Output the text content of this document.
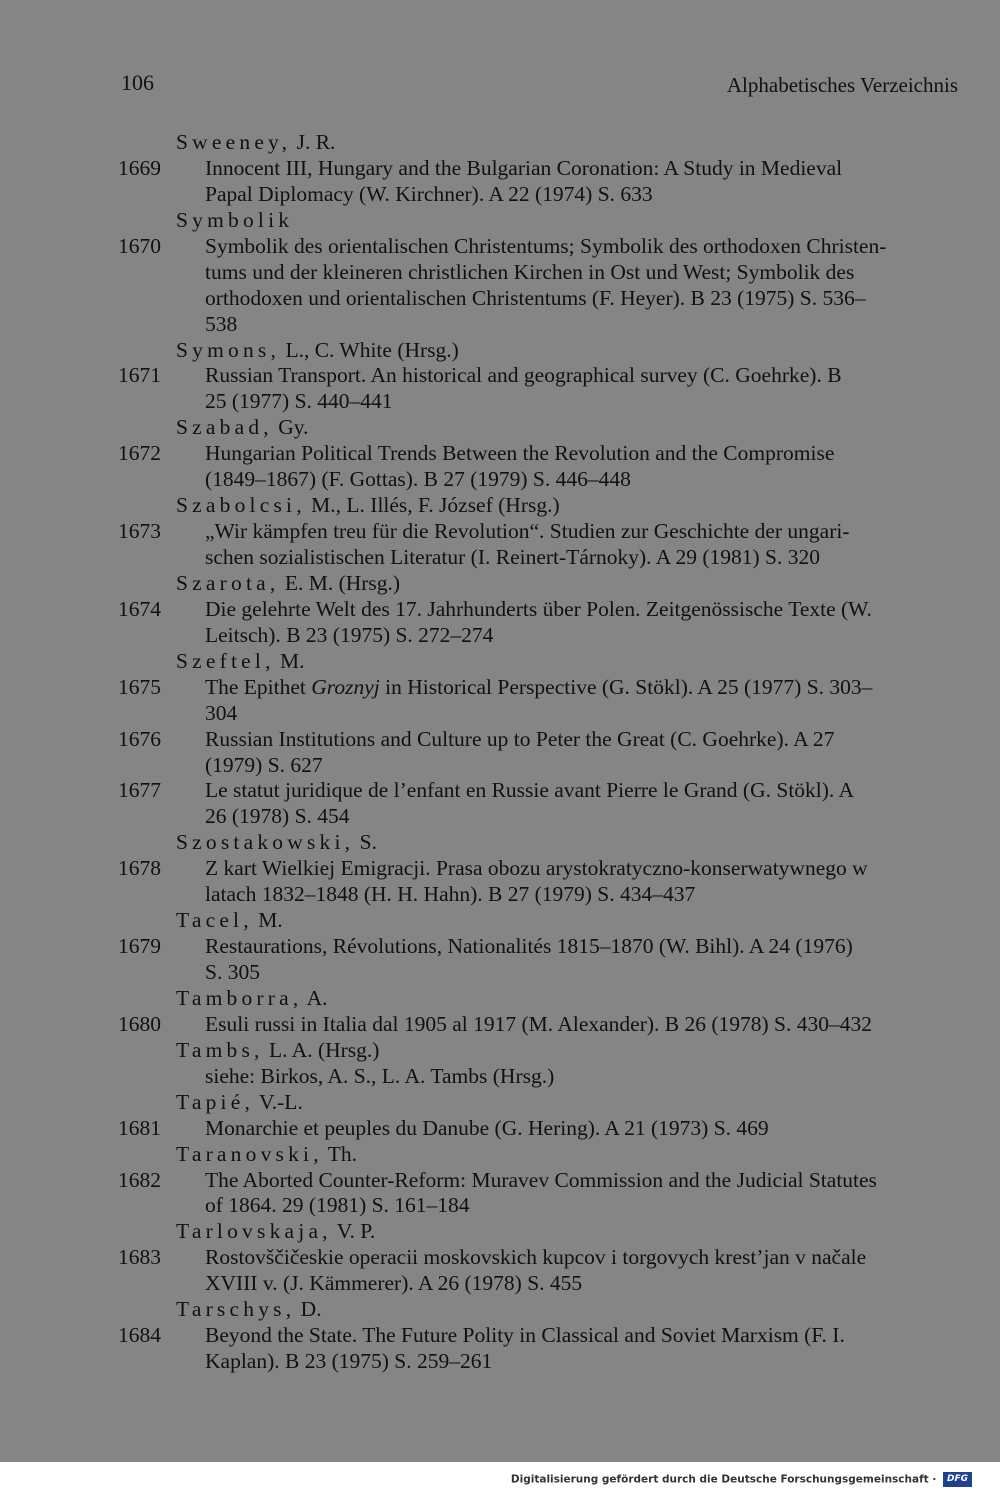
106	Alphabetisches Verzeichnis
Sweeney, J. R.
1669 Innocent III, Hungary and the Bulgarian Coronation: A Study in Medieval
Papal Diplomacy (W. Kirchner). A 22 (1974) S. 633
Symbolik
1670 Symbolik des orientalischen Christentums; Symbolik des orthodoxen Christen-
tums und der kleineren christlichen Kirchen in Ost und West; Symbolik des
orthodoxen und orientalischen Christentums (F. Heyer). B 23 (1975) S. 536–
538
Symons, L., C. White (Hrsg.)
1671 Russian Transport. An historical and geographical survey (C. Goehrke). B
25 (1977) S. 440–441
Szabad, Gy.
1672 Hungarian Political Trends Between the Revolution and the Compromise
(1849–1867) (F. Gottas). B 27 (1979) S. 446–448
Szabolcsi, M., L. Illés, F. József (Hrsg.)
1673 „Wir kämpfen treu für die Revolution“. Studien zur Geschichte der ungari-
schen sozialistischen Literatur (I. Reinert-Tárnoky). A 29 (1981) S. 320
Szarota, E. M. (Hrsg.)
1674 Die gelehrte Welt des 17. Jahrhunderts über Polen. Zeitgenössische Texte (W.
Leitsch). B 23 (1975) S. 272–274
Szeftel, M.
1675 The Epithet Groznyj in Historical Perspective (G. Stökl). A 25 (1977) S. 303–
304
1676 Russian Institutions and Culture up to Peter the Great (C. Goehrke). A 27
(1979) S. 627
1677 Le statut juridique de l’enfant en Russie avant Pierre le Grand (G. Stökl). A
26 (1978) S. 454
Szostakowski, S.
1678 Z kart Wielkiej Emigracji. Prasa obozu arystokratyczno-konserwatywnego w
latach 1832–1848 (H. H. Hahn). B 27 (1979) S. 434–437
Tacel, M.
1679 Restaurations, Révolutions, Nationalités 1815–1870 (W. Bihl). A 24 (1976)
S. 305
Tamborra, A.
1680 Esuli russi in Italia dal 1905 al 1917 (M. Alexander). B 26 (1978) S. 430–432
Tambs, L. A. (Hrsg.)
siehe: Birkos, A. S., L. A. Tambs (Hrsg.)
Tapié, V.-L.
1681 Monarchie et peuples du Danube (G. Hering). A 21 (1973) S. 469
Taranovski, Th.
1682 The Aborted Counter-Reform: Muravev Commission and the Judicial Statutes
of 1864. 29 (1981) S. 161–184
Tarlovskaja, V. P.
1683 Rostovščičeskie operacii moskovskich kupcov i torgovych krest’jan v načale
XVIII v. (J. Kämmerer). A 26 (1978) S. 455
Tarschys, D.
1684 Beyond the State. The Future Polity in Classical and Soviet Marxism (F. I.
Kaplan). B 23 (1975) S. 259–261
Digitalisierung gefördert durch die Deutsche Forschungsgemeinschaft · DFG
